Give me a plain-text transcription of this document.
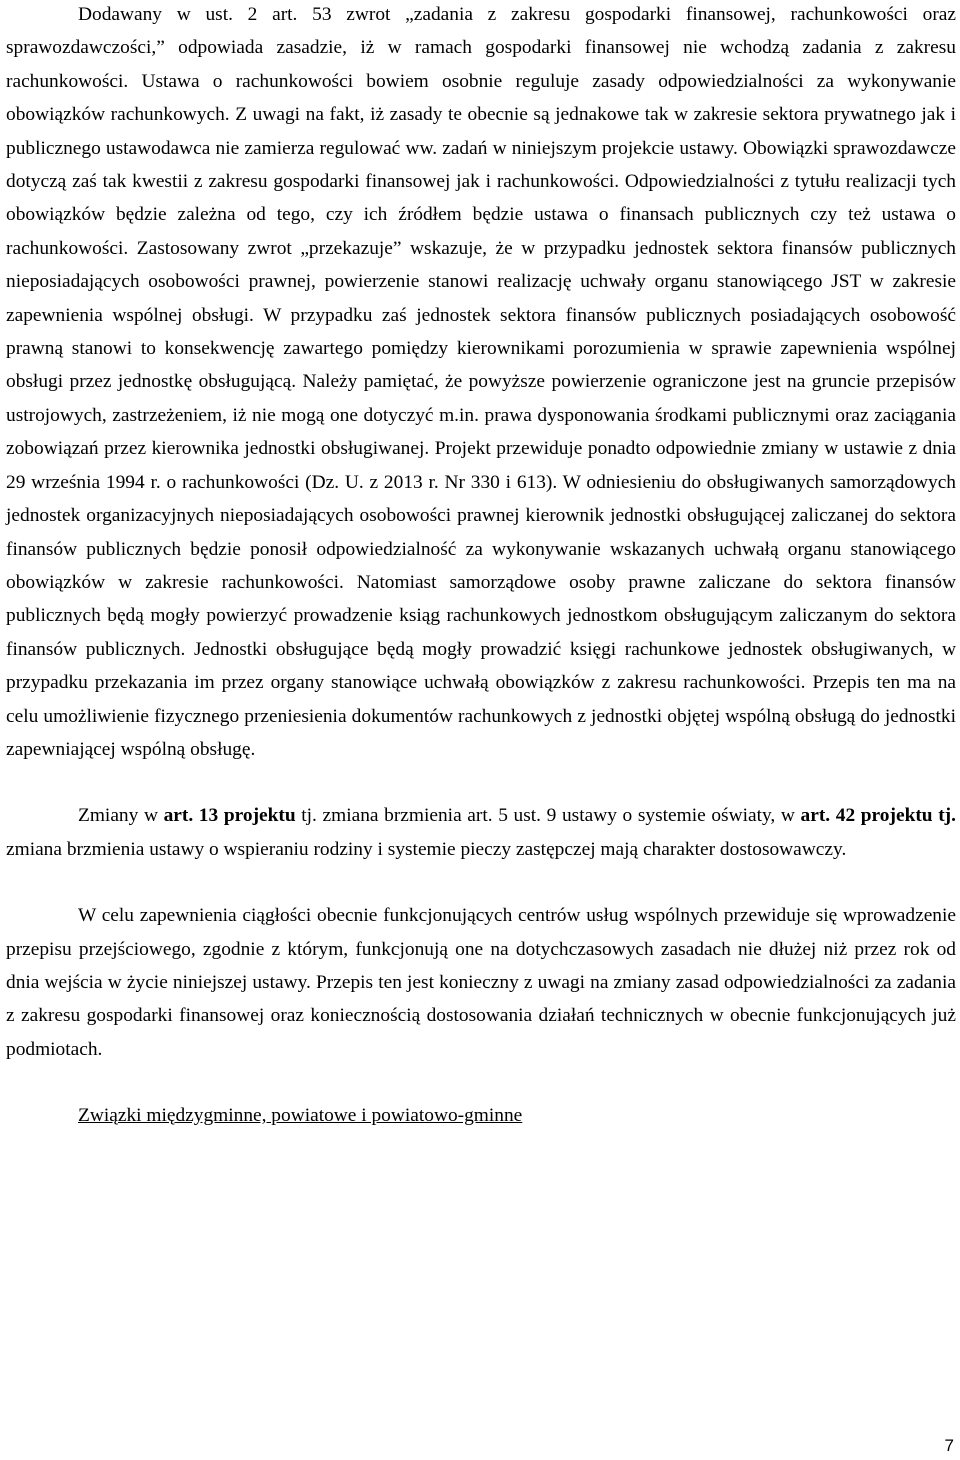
Dodawany w ust. 2 art. 53 zwrot „zadania z zakresu gospodarki finansowej, rachunkowości oraz sprawozdawczości,” odpowiada zasadzie, iż w ramach gospodarki finansowej nie wchodzą zadania z zakresu rachunkowości. Ustawa o rachunkowości bowiem osobnie reguluje zasady odpowiedzialności za wykonywanie obowiązków rachunkowych. Z uwagi na fakt, iż zasady te obecnie są jednakowe tak w zakresie sektora prywatnego jak i publicznego ustawodawca nie zamierza regulować ww. zadań w niniejszym projekcie ustawy. Obowiązki sprawozdawcze dotyczą zaś tak kwestii z zakresu gospodarki finansowej jak i rachunkowości. Odpowiedzialności z tytułu realizacji tych obowiązków będzie zależna od tego, czy ich źródłem będzie ustawa o finansach publicznych czy też ustawa o rachunkowości. Zastosowany zwrot „przekazuje” wskazuje, że w przypadku jednostek sektora finansów publicznych nieposiadających osobowości prawnej, powierzenie stanowi realizację uchwały organu stanowiącego JST w zakresie zapewnienia wspólnej obsługi. W przypadku zaś jednostek sektora finansów publicznych posiadających osobowość prawną stanowi to konsekwencję zawartego pomiędzy kierownikami porozumienia w sprawie zapewnienia wspólnej obsługi przez jednostkę obsługującą. Należy pamiętać, że powyższe powierzenie ograniczone jest na gruncie przepisów ustrojowych, zastrzeżeniem, iż nie mogą one dotyczyć m.in. prawa dysponowania środkami publicznymi oraz zaciągania zobowiązań przez kierownika jednostki obsługiwanej. Projekt przewiduje ponadto odpowiednie zmiany w ustawie z dnia 29 września 1994 r. o rachunkowości (Dz. U. z 2013 r. Nr 330 i 613). W odniesieniu do obsługiwanych samorządowych jednostek organizacyjnych nieposiadających osobowości prawnej kierownik jednostki obsługującej zaliczanej do sektora finansów publicznych będzie ponosił odpowiedzialność za wykonywanie wskazanych uchwałą organu stanowiącego obowiązków w zakresie rachunkowości. Natomiast samorządowe osoby prawne zaliczane do sektora finansów publicznych będą mogły powierzyć prowadzenie ksiąg rachunkowych jednostkom obsługującym zaliczanym do sektora finansów publicznych. Jednostki obsługujące będą mogły prowadzić księgi rachunkowe jednostek obsługiwanych, w przypadku przekazania im przez organy stanowiące uchwałą obowiązków z zakresu rachunkowości. Przepis ten ma na celu umożliwienie fizycznego przeniesienia dokumentów rachunkowych z jednostki objętej wspólną obsługą do jednostki zapewniającej wspólną obsługę.

Zmiany w art. 13 projektu tj. zmiana brzmienia art. 5 ust. 9 ustawy o systemie oświaty, w art. 42 projektu tj. zmiana brzmienia ustawy o wspieraniu rodziny i systemie pieczy zastępczej mają charakter dostosowawczy.

W celu zapewnienia ciągłości obecnie funkcjonujących centrów usług wspólnych przewiduje się wprowadzenie przepisu przejściowego, zgodnie z którym, funkcjonują one na dotychczasowych zasadach nie dłużej niż przez rok od dnia wejścia w życie niniejszej ustawy. Przepis ten jest konieczny z uwagi na zmiany zasad odpowiedzialności za zadania z zakresu gospodarki finansowej oraz koniecznością dostosowania działań technicznych w obecnie funkcjonujących już podmiotach.

Związki międzygminne, powiatowe i powiatowo-gminne
7
